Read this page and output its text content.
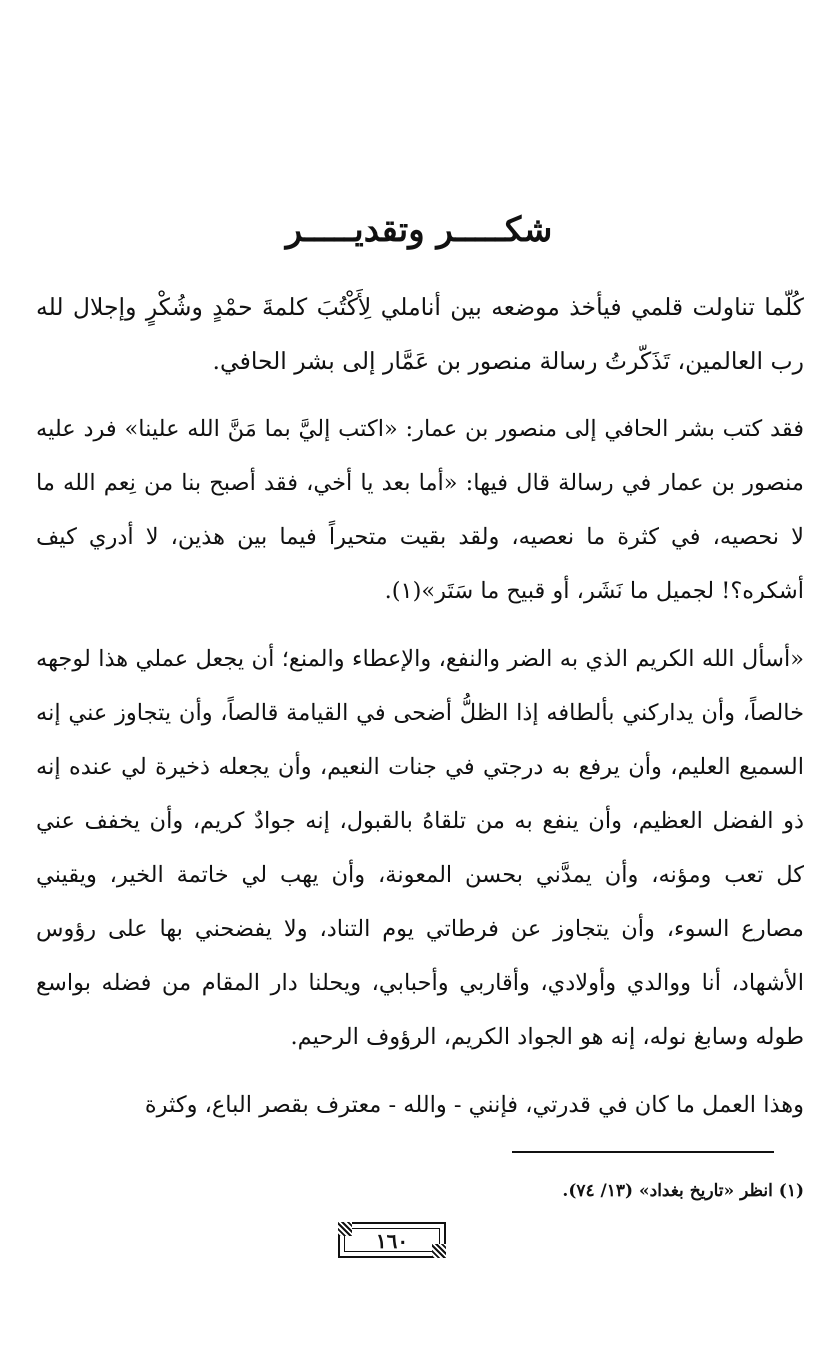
شكـــــر وتقديـــــر

كُلّما تناولت قلمي فيأخذ موضعه بين أناملي لِأَكْتُبَ كلمةَ حمْدٍ وشُكْرٍ وإجلال لله رب العالمين، تَذَكّرتُ رسالة منصور بن عَمَّار إلى بشر الحافي.

فقد كتب بشر الحافي إلى منصور بن عمار: «اكتب إليَّ بما مَنَّ الله علينا» فرد عليه منصور بن عمار في رسالة قال فيها: «أما بعد يا أخي، فقد أصبح بنا من نِعم الله ما لا نحصيه، في كثرة ما نعصيه، ولقد بقيت متحيراً فيما بين هذين، لا أدري كيف أشكره؟! لجميل ما نَشَر، أو قبيح ما سَتَر»(١).

«أسأل الله الكريم الذي به الضر والنفع، والإعطاء والمنع؛ أن يجعل عملي هذا لوجهه خالصاً، وأن يداركني بألطافه إذا الظلُّ أضحى في القيامة قالصاً، وأن يتجاوز عني إنه السميع العليم، وأن يرفع به درجتي في جنات النعيم، وأن يجعله ذخيرة لي عنده إنه ذو الفضل العظيم، وأن ينفع به من تلقاهُ بالقبول، إنه جوادٌ كريم، وأن يخفف عني كل تعب ومؤنه، وأن يمدَّني بحسن المعونة، وأن يهب لي خاتمة الخير، ويقيني مصارع السوء، وأن يتجاوز عن فرطاتي يوم التناد، ولا يفضحني بها على رؤوس الأشهاد، أنا ووالدي وأولادي، وأقاربي وأحبابي، ويحلنا دار المقام من فضله بواسع طوله وسابغ نوله، إنه هو الجواد الكريم، الرؤوف الرحيم.

وهذا العمل ما كان في قدرتي، فإنني - والله - معترف بقصر الباع، وكثرة

(١) انظر «تاريخ بغداد» (١٣/ ٧٤).
١٦٠
